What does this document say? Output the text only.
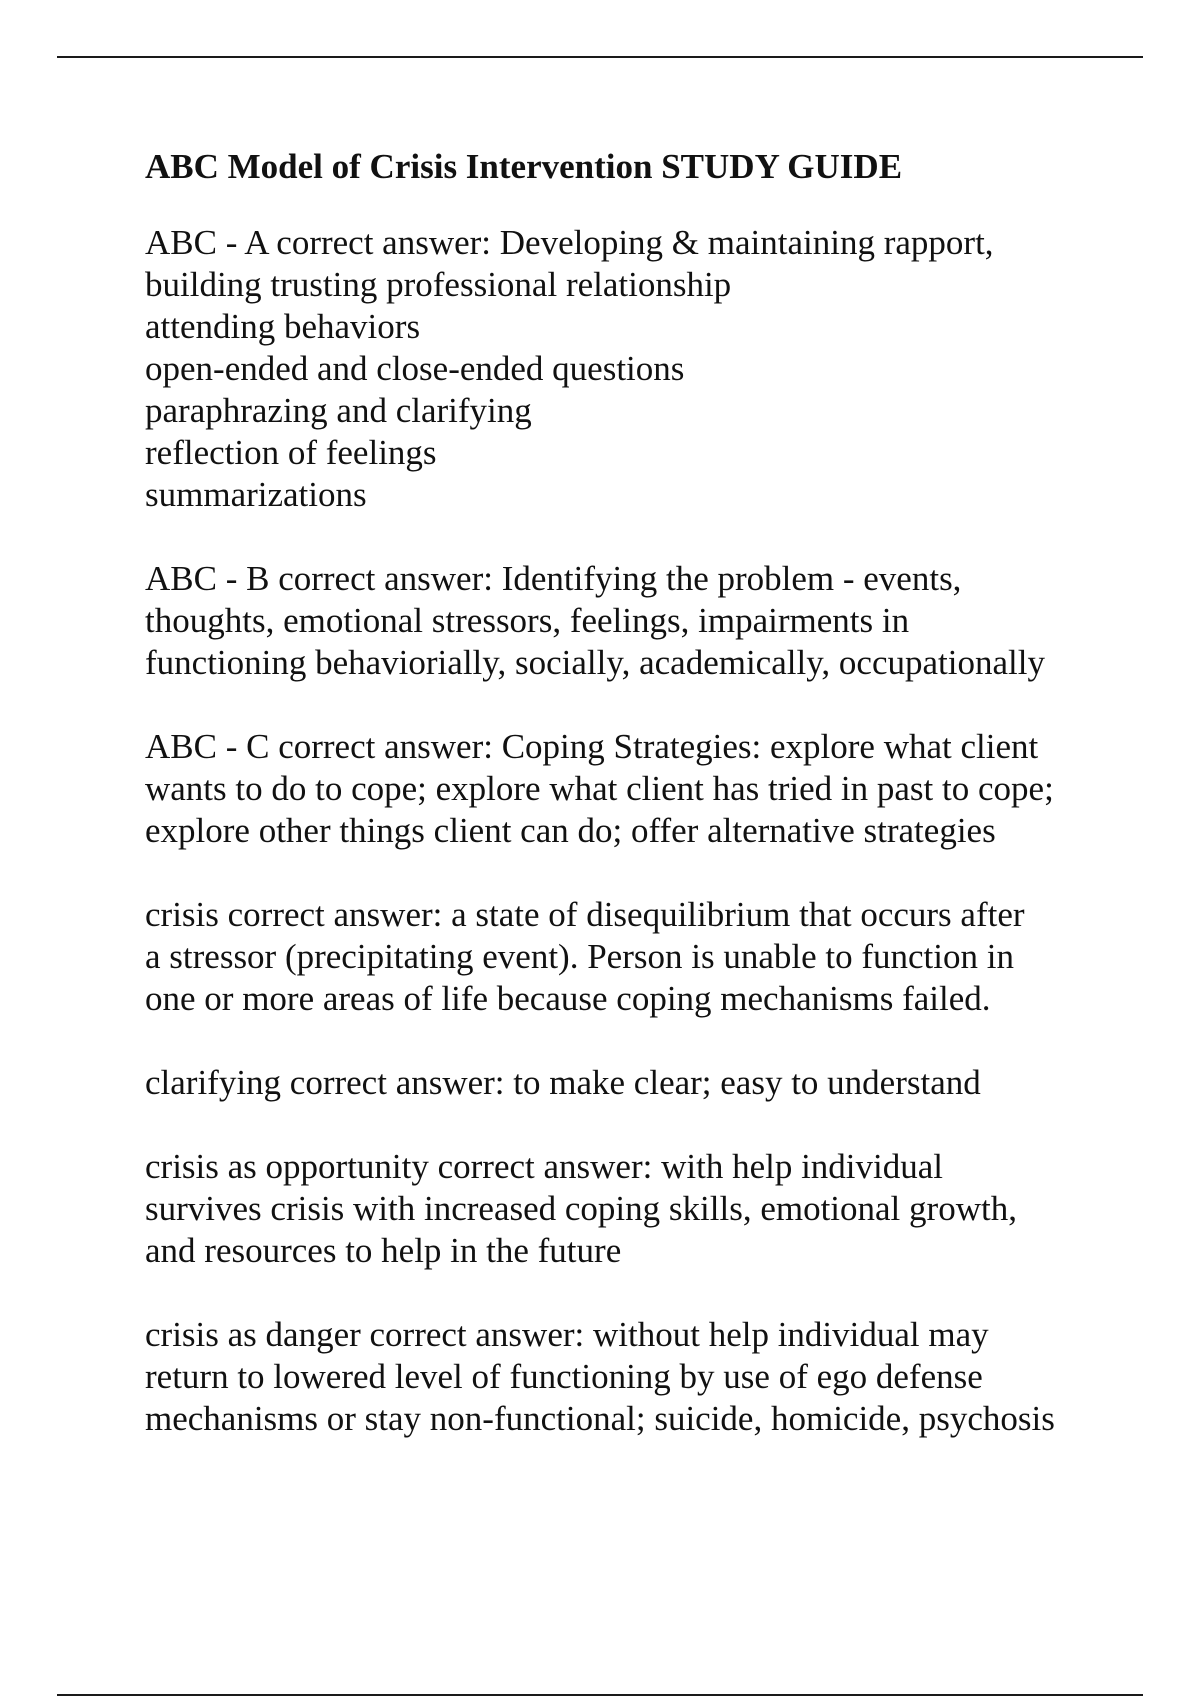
ABC Model of Crisis Intervention STUDY GUIDE
ABC - A correct answer: Developing & maintaining rapport,
building trusting professional relationship
attending behaviors
open-ended and close-ended questions
paraphrazing and clarifying
reflection of feelings
summarizations
ABC - B correct answer: Identifying the problem - events,
thoughts, emotional stressors, feelings, impairments in
functioning behaviorially, socially, academically, occupationally
ABC - C correct answer: Coping Strategies: explore what client
wants to do to cope; explore what client has tried in past to cope;
explore other things client can do; offer alternative strategies
crisis correct answer: a state of disequilibrium that occurs after
a stressor (precipitating event). Person is unable to function in
one or more areas of life because coping mechanisms failed.
clarifying correct answer: to make clear; easy to understand
crisis as opportunity correct answer: with help individual
survives crisis with increased coping skills, emotional growth,
and resources to help in the future
crisis as danger correct answer: without help individual may
return to lowered level of functioning by use of ego defense
mechanisms or stay non-functional; suicide, homicide, psychosis
